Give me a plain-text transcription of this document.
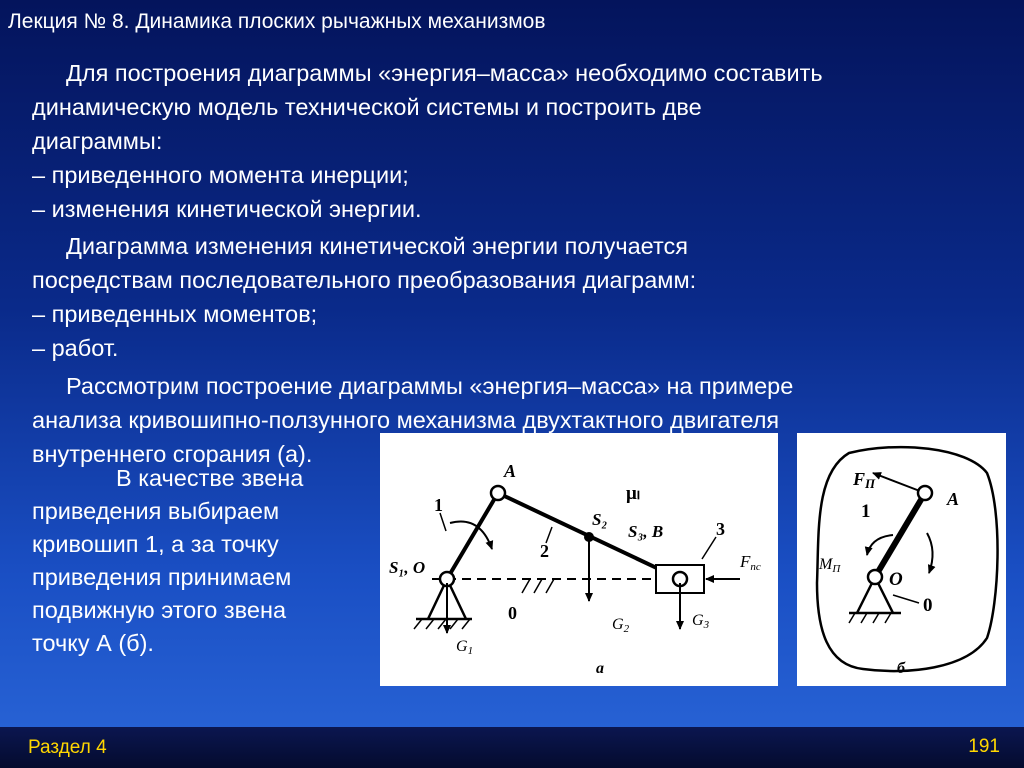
Лекция № 8. Динамика плоских рычажных механизмов
Для построения диаграммы «энергия–масса» необходимо составить
динамическую модель технической системы и построить две
диаграммы:
– приведенного момента инерции;
– изменения кинетической энергии.
Диаграмма изменения кинетической энергии получается
посредствам последовательного преобразования диаграмм:
– приведенных моментов;
– работ.
Рассмотрим построение диаграммы «энергия–масса» на примере
анализа кривошипно-ползунного механизма двухтактного двигателя
внутреннего сгорания (а).
В качестве звена
приведения выбираем
кривошип 1, а за точку
приведения принимаем
подвижную этого звена
точку А (б).
A
1
S₁, O
2
S₂
S₃, B	3
μₗ
0
Fпс
G1
G2	G3
а
FП
1
A
MП	O
0
б
Раздел 4	191
